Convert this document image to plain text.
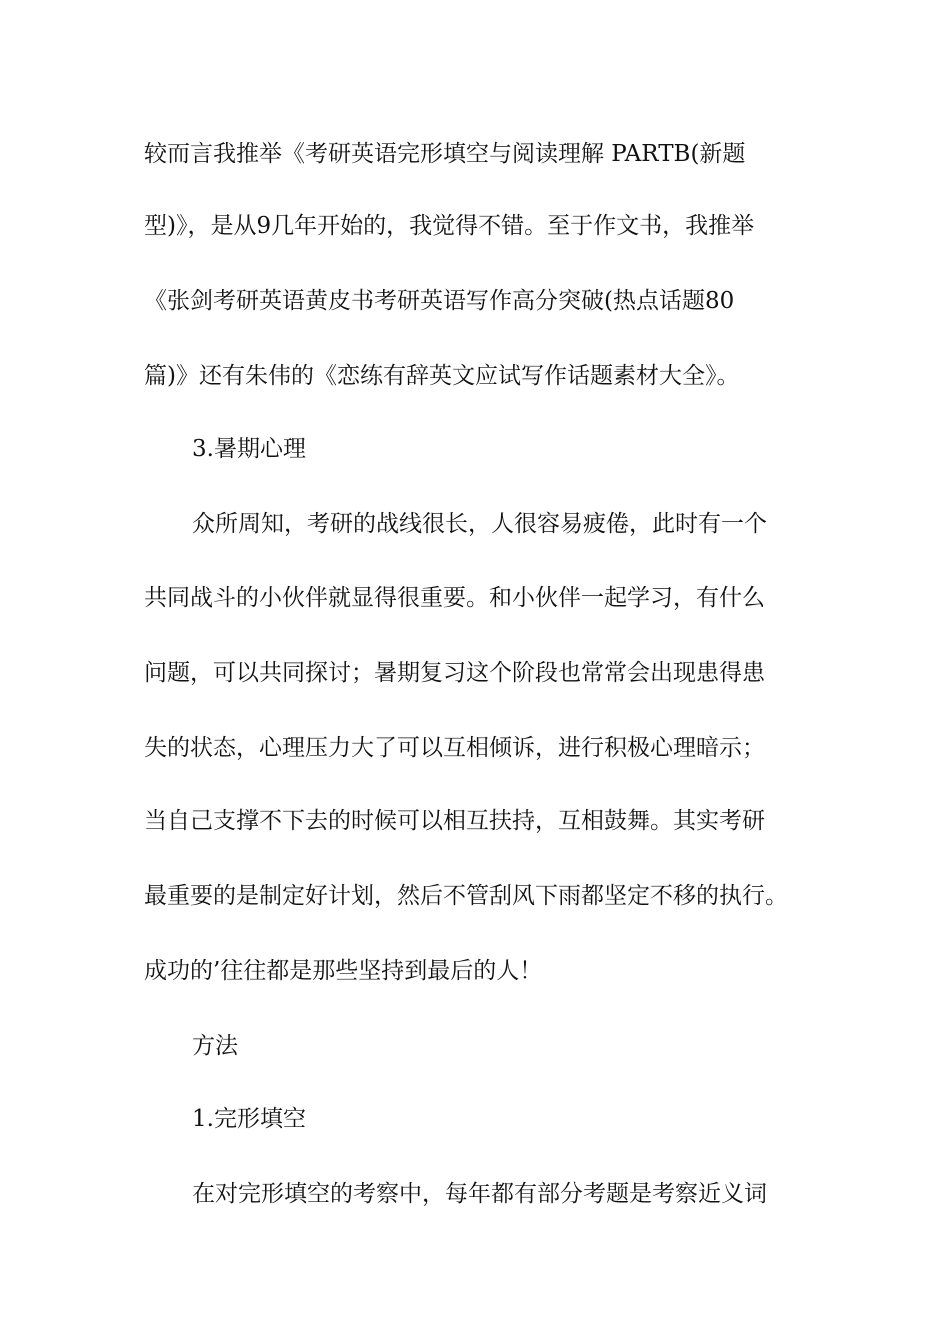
较而言我推举《考研英语完形填空与阅读理解 PARTB(新题
型)》，是从9几年开始的，我觉得不错。至于作文书，我推举
《张剑考研英语黄皮书考研英语写作高分突破(热点话题80
篇)》还有朱伟的《恋练有辞英文应试写作话题素材大全》。
3.暑期心理
众所周知，考研的战线很长，人很容易疲倦，此时有一个
共同战斗的小伙伴就显得很重要。和小伙伴一起学习，有什么
问题，可以共同探讨；暑期复习这个阶段也常常会出现患得患
失的状态，心理压力大了可以互相倾诉，进行积极心理暗示；
当自己支撑不下去的时候可以相互扶持，互相鼓舞。其实考研
最重要的是制定好计划，然后不管刮风下雨都坚定不移的执行。
成功的’往往都是那些坚持到最后的人！
方法
1.完形填空
在对完形填空的考察中，每年都有部分考题是考察近义词
